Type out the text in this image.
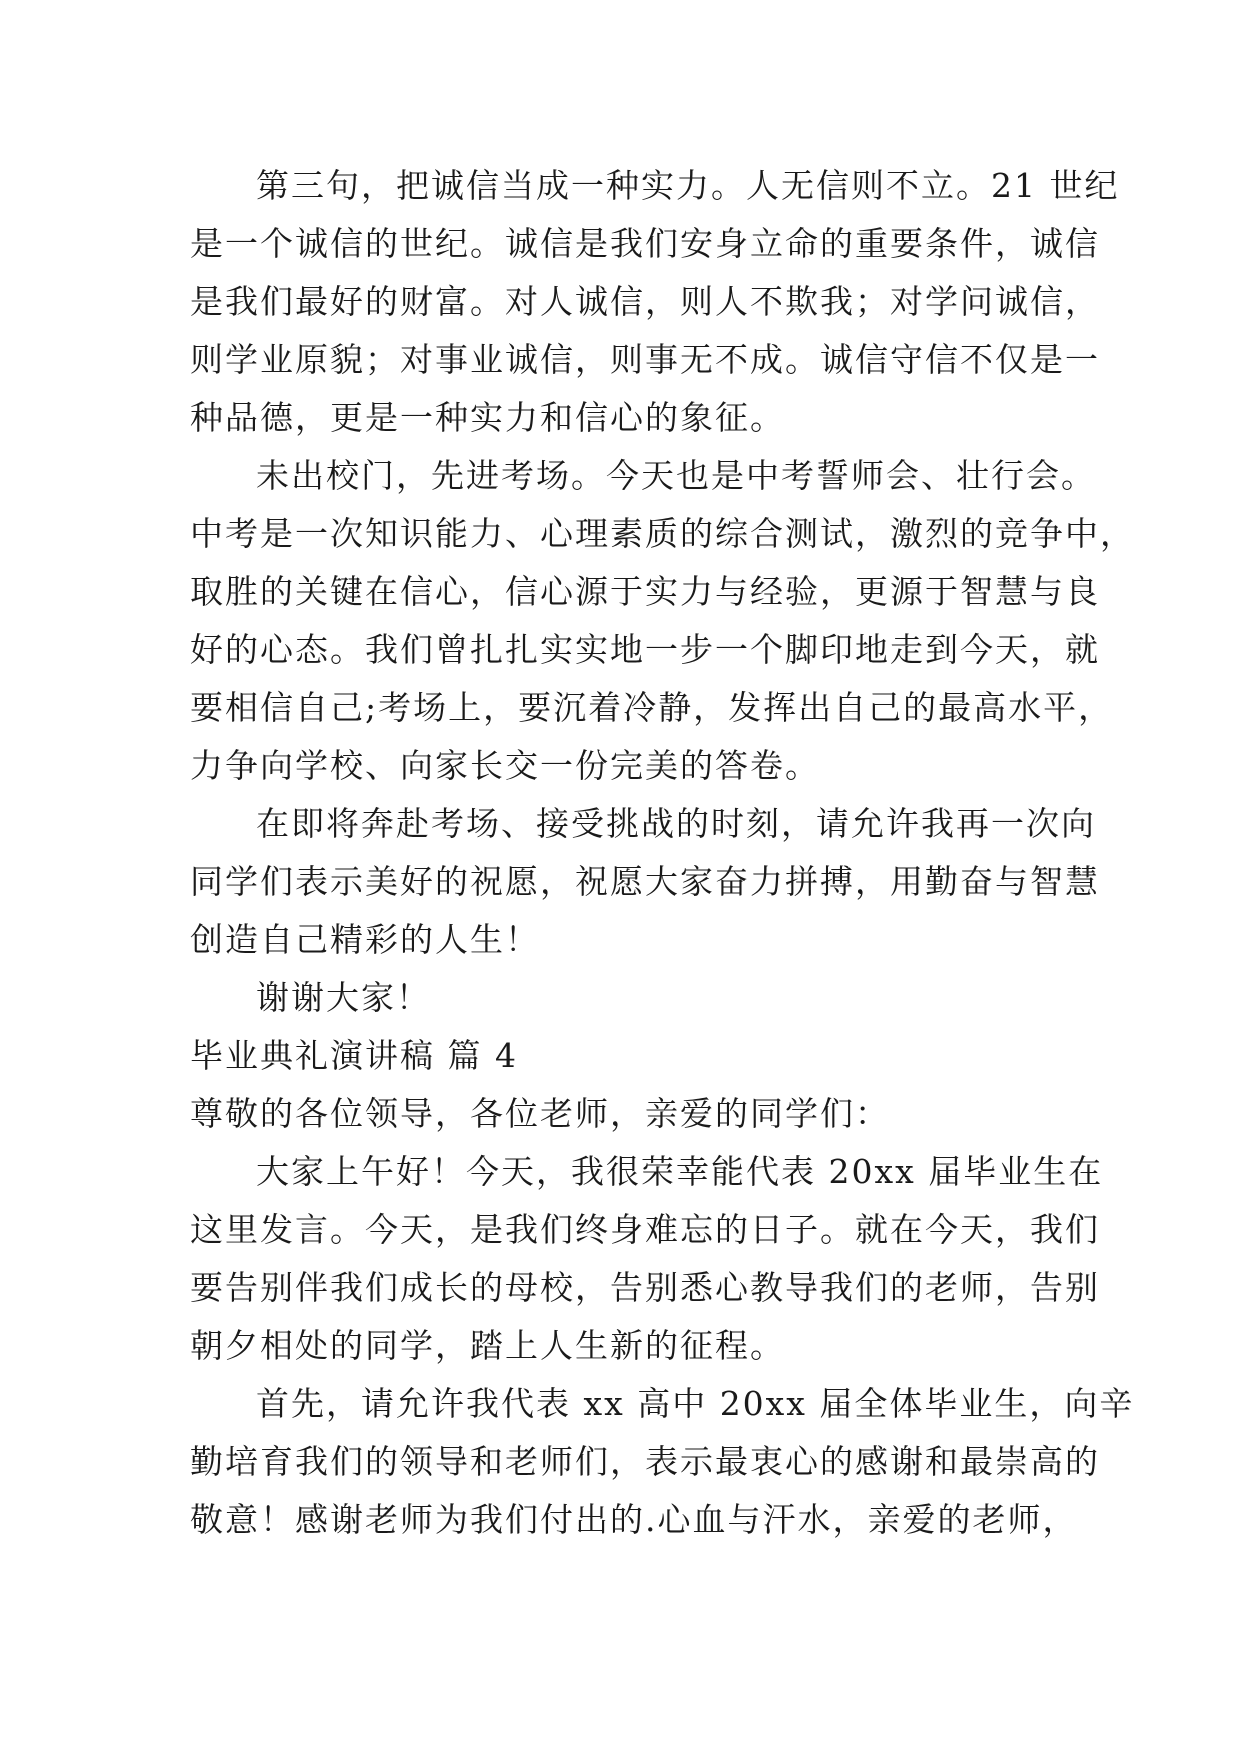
第三句，把诚信当成一种实力。人无信则不立。21 世纪
是一个诚信的世纪。诚信是我们安身立命的重要条件，诚信
是我们最好的财富。对人诚信，则人不欺我；对学问诚信，
则学业原貌；对事业诚信，则事无不成。诚信守信不仅是一
种品德，更是一种实力和信心的象征。
未出校门，先进考场。今天也是中考誓师会、壮行会。
中考是一次知识能力、心理素质的综合测试，激烈的竞争中，
取胜的关键在信心，信心源于实力与经验，更源于智慧与良
好的心态。我们曾扎扎实实地一步一个脚印地走到今天，就
要相信自己;考场上，要沉着冷静，发挥出自己的最高水平，
力争向学校、向家长交一份完美的答卷。
在即将奔赴考场、接受挑战的时刻，请允许我再一次向
同学们表示美好的祝愿，祝愿大家奋力拼搏，用勤奋与智慧
创造自己精彩的人生！
谢谢大家！
毕业典礼演讲稿 篇 4
尊敬的各位领导，各位老师，亲爱的同学们：
大家上午好！今天，我很荣幸能代表 20xx 届毕业生在
这里发言。今天，是我们终身难忘的日子。就在今天，我们
要告别伴我们成长的母校，告别悉心教导我们的老师，告别
朝夕相处的同学，踏上人生新的征程。
首先，请允许我代表 xx 高中 20xx 届全体毕业生，向辛
勤培育我们的领导和老师们，表示最衷心的感谢和最崇高的
敬意！感谢老师为我们付出的.心血与汗水，亲爱的老师，
